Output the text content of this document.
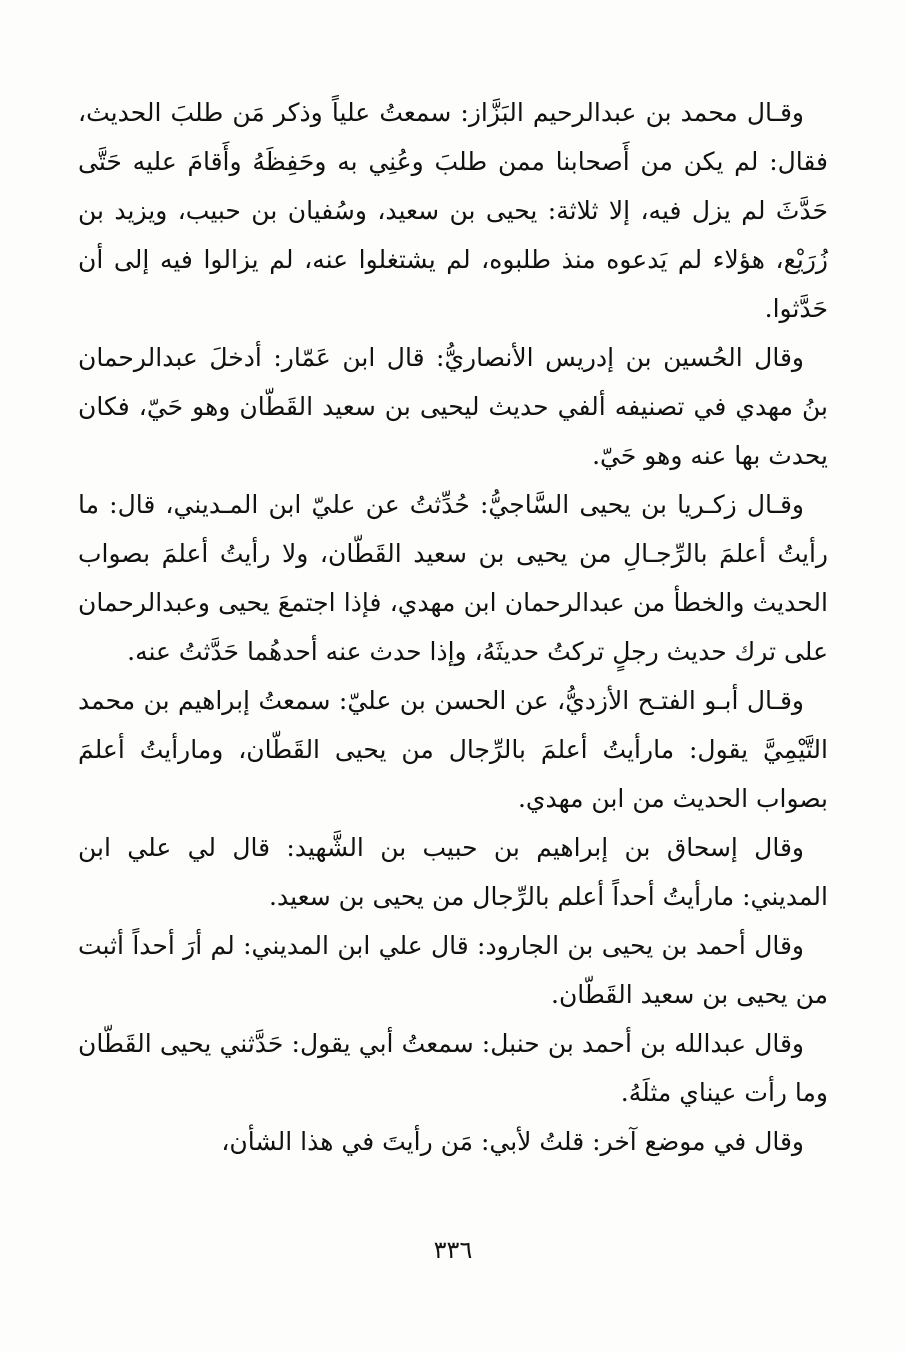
وقـال محمد بن عبدالرحيم البَزَّاز: سمعتُ علياً وذكر مَن طلبَ الحديث، فقال: لم يكن من أَصحابنا ممن طلبَ وعُنِي به وحَفِظَهُ وأَقامَ عليه حَتَّى حَدَّثَ لم يزل فيه، إلا ثلاثة: يحيى بن سعيد، وسُفيان بن حبيب، ويزيد بن زُرَيْع، هؤلاء لم يَدعوه منذ طلبوه، لم يشتغلوا عنه، لم يزالوا فيه إلى أن حَدَّثوا.

وقال الحُسين بن إدريس الأنصاريُّ: قال ابن عَمّار: أدخلَ عبدالرحمان بنُ مهدي في تصنيفه ألفي حديث ليحيى بن سعيد القَطّان وهو حَيّ، فكان يحدث بها عنه وهو حَيّ.

وقـال زكـريا بن يحيى السَّاجيُّ: حُدِّثتُ عن عليّ ابن المـديني، قال: ما رأيتُ أعلمَ بالرِّجـالِ من يحيى بن سعيد القَطّان، ولا رأيتُ أعلمَ بصواب الحديث والخطأ من عبدالرحمان ابن مهدي، فإذا اجتمعَ يحيى وعبدالرحمان على ترك حديث رجلٍ تركتُ حديثَهُ، وإذا حدث عنه أحدهُما حَدَّثتُ عنه.

وقـال أبـو الفتـح الأزديُّ، عن الحسن بن عليّ: سمعتُ إبراهيم بن محمد التَّيْمِيَّ يقول: مارأيتُ أعلمَ بالرِّجال من يحيى القَطّان، ومارأيتُ أعلمَ بصواب الحديث من ابن مهدي.

وقال إسحاق بن إبراهيم بن حبيب بن الشَّهيد: قال لي علي ابن المديني: مارأيتُ أحداً أعلم بالرِّجال من يحيى بن سعيد.

وقال أحمد بن يحيى بن الجارود: قال علي ابن المديني: لم أرَ أحداً أثبت من يحيى بن سعيد القَطّان.

وقال عبدالله بن أحمد بن حنبل: سمعتُ أبي يقول: حَدَّثني يحيى القَطّان وما رأت عيناي مثلَهُ.

وقال في موضع آخر: قلتُ لأبي: مَن رأيتَ في هذا الشأن،

٣٣٦
